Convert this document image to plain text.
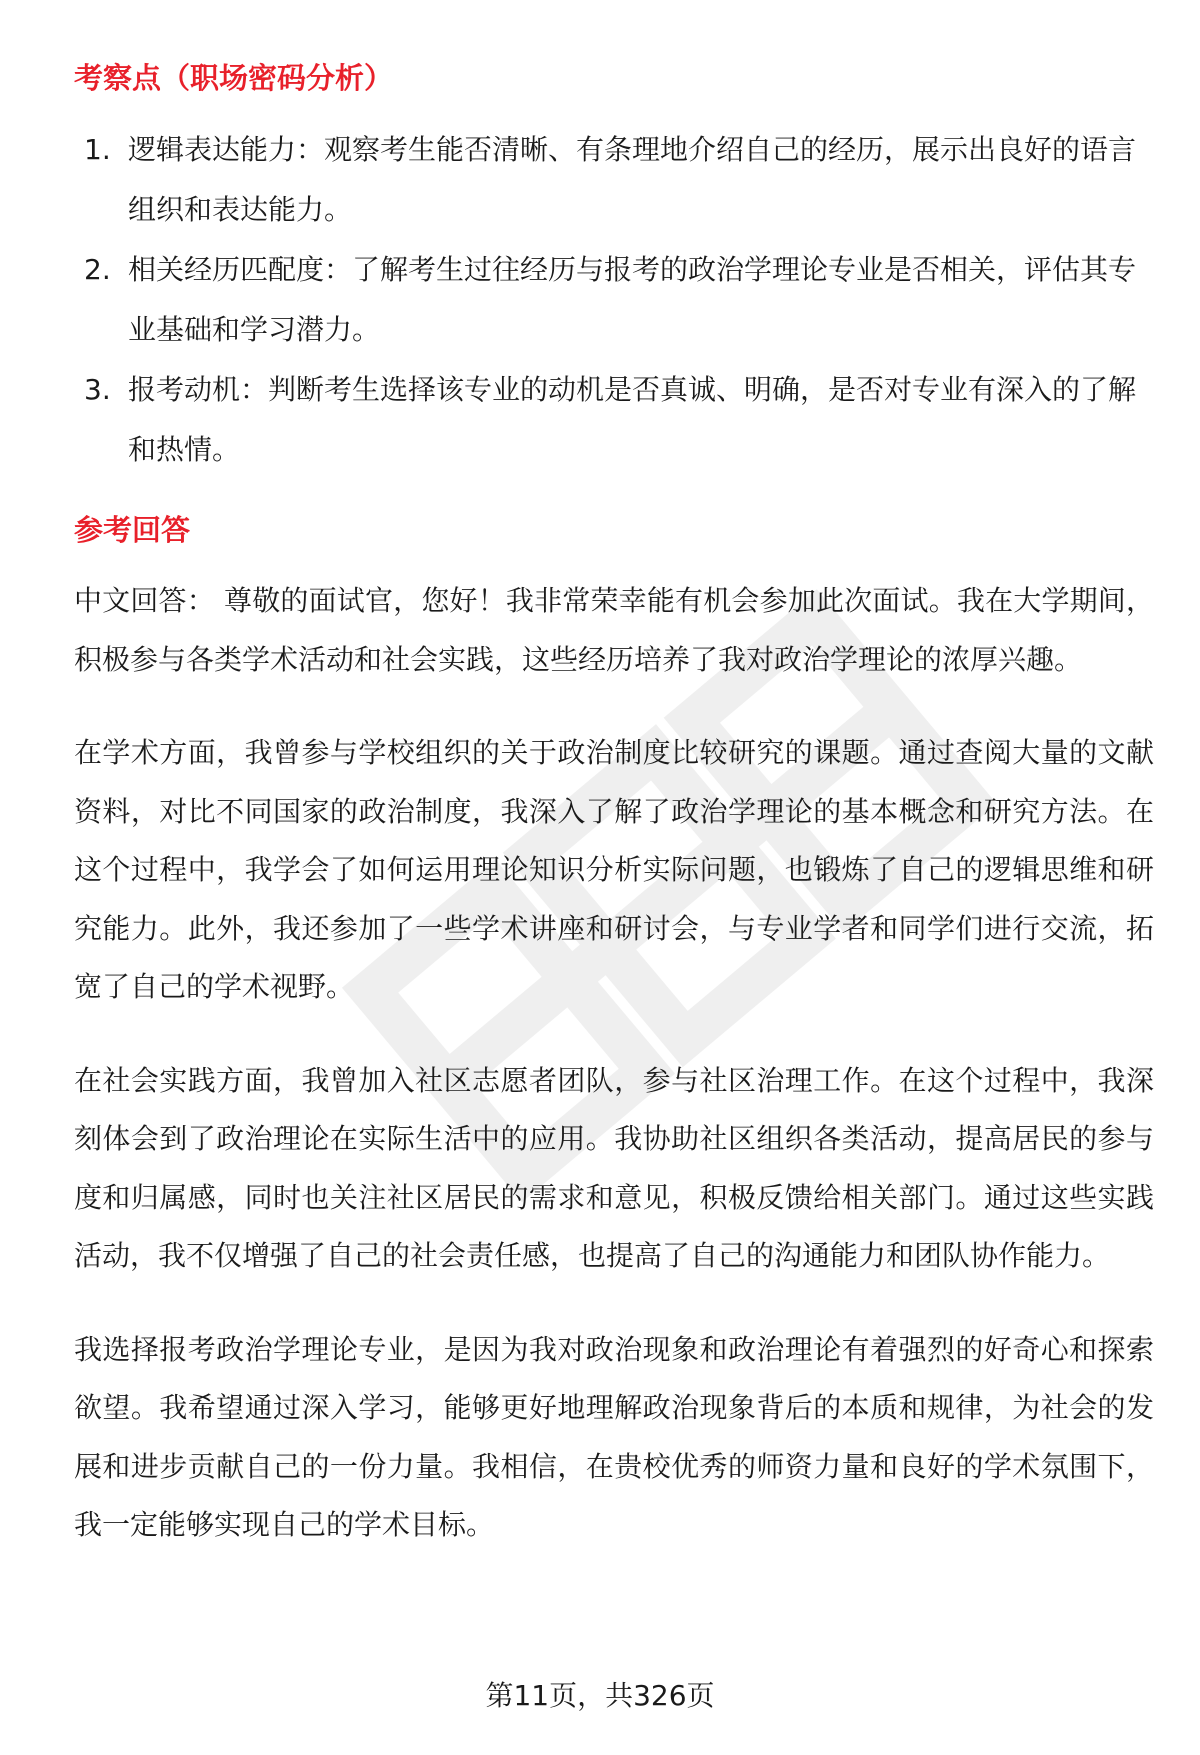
考察点（职场密码分析）
1. 逻辑表达能力：观察考生能否清晰、有条理地介绍自己的经历，展示出良好的语言组织和表达能力。
2. 相关经历匹配度：了解考生过往经历与报考的政治学理论专业是否相关，评估其专业基础和学习潜力。
3. 报考动机：判断考生选择该专业的动机是否真诚、明确，是否对专业有深入的了解和热情。
参考回答

中文回答： 尊敬的面试官，您好！我非常荣幸能有机会参加此次面试。我在大学期间，积极参与各类学术活动和社会实践，这些经历培养了我对政治学理论的浓厚兴趣。

在学术方面，我曾参与学校组织的关于政治制度比较研究的课题。通过查阅大量的文献资料，对比不同国家的政治制度，我深入了解了政治学理论的基本概念和研究方法。在这个过程中，我学会了如何运用理论知识分析实际问题，也锻炼了自己的逻辑思维和研究能力。此外，我还参加了一些学术讲座和研讨会，与专业学者和同学们进行交流，拓宽了自己的学术视野。

在社会实践方面，我曾加入社区志愿者团队，参与社区治理工作。在这个过程中，我深刻体会到了政治理论在实际生活中的应用。我协助社区组织各类活动，提高居民的参与度和归属感，同时也关注社区居民的需求和意见，积极反馈给相关部门。通过这些实践活动，我不仅增强了自己的社会责任感，也提高了自己的沟通能力和团队协作能力。

我选择报考政治学理论专业，是因为我对政治现象和政治理论有着强烈的好奇心和探索欲望。我希望通过深入学习，能够更好地理解政治现象背后的本质和规律，为社会的发展和进步贡献自己的一份力量。我相信，在贵校优秀的师资力量和良好的学术氛围下，我一定能够实现自己的学术目标。

第11页，共326页
